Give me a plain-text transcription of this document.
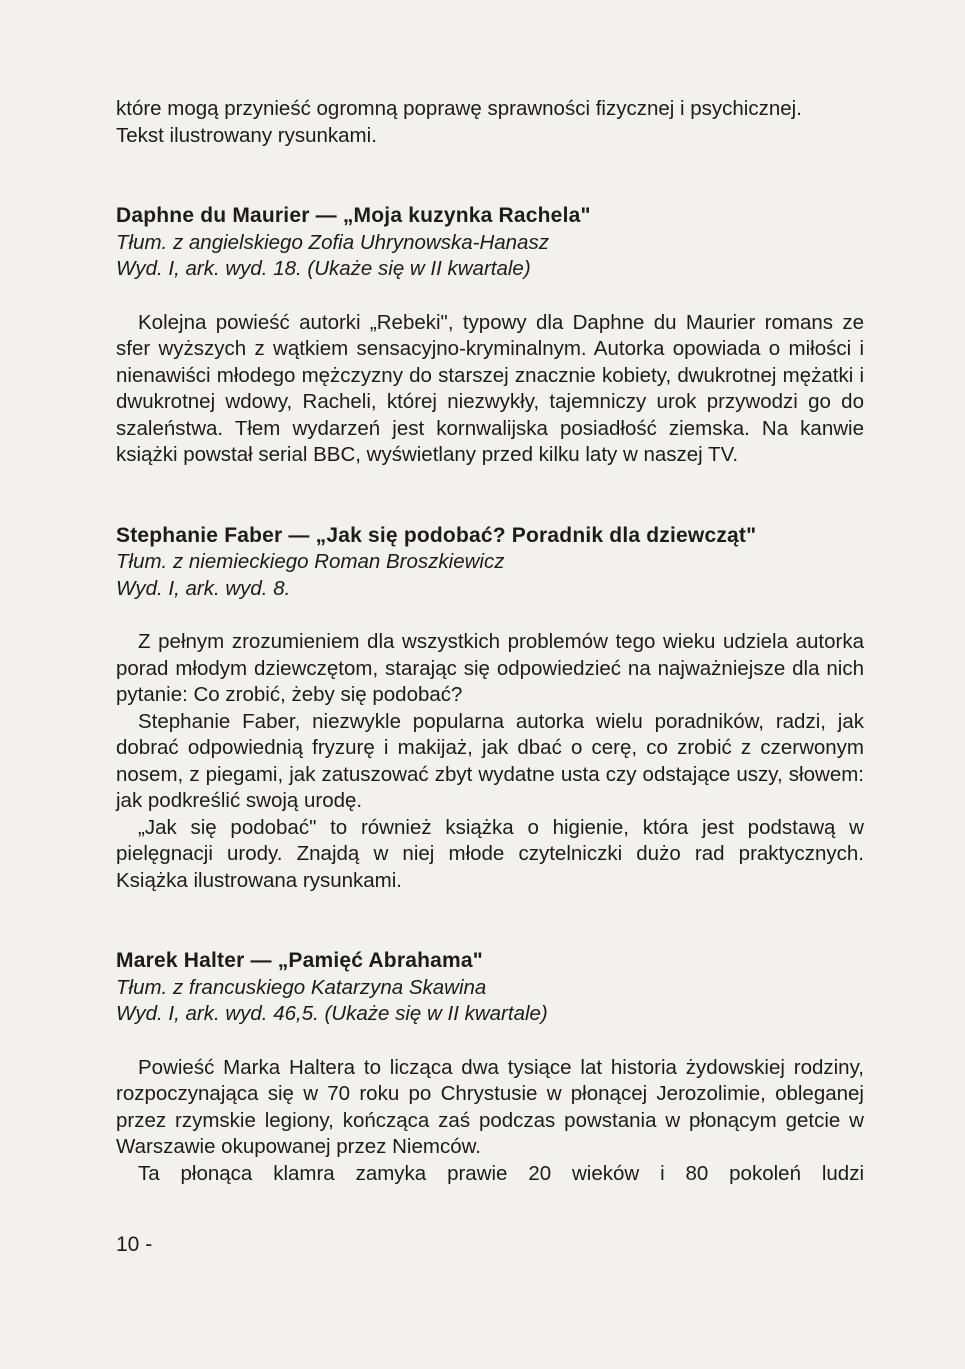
które mogą przynieść ogromną poprawę sprawności fizycznej i psychicznej.

Tekst ilustrowany rysunkami.

Daphne du Maurier — „Moja kuzynka Rachela"

Tłum. z angielskiego Zofia Uhrynowska-Hanasz

Wyd. I, ark. wyd. 18. (Ukaże się w II kwartale)

Kolejna powieść autorki „Rebeki", typowy dla Daphne du Maurier romans ze sfer wyższych z wątkiem sensacyjno-kryminalnym. Autorka opowiada o miłości i nienawiści młodego mężczyzny do starszej znacznie kobiety, dwukrotnej mężatki i dwukrotnej wdowy, Racheli, której niezwykły, tajemniczy urok przywodzi go do szaleństwa. Tłem wydarzeń jest kornwalijska posiadłość ziemska. Na kanwie książki powstał serial BBC, wyświetlany przed kilku laty w naszej TV.

Stephanie Faber — „Jak się podobać? Poradnik dla dziewcząt"

Tłum. z niemieckiego Roman Broszkiewicz

Wyd. I, ark. wyd. 8.

Z pełnym zrozumieniem dla wszystkich problemów tego wieku udziela autorka porad młodym dziewczętom, starając się odpowiedzieć na najważniejsze dla nich pytanie: Co zrobić, żeby się podobać?

Stephanie Faber, niezwykle popularna autorka wielu poradników, radzi, jak dobrać odpowiednią fryzurę i makijaż, jak dbać o cerę, co zrobić z czerwonym nosem, z piegami, jak zatuszować zbyt wydatne usta czy odstające uszy, słowem: jak podkreślić swoją urodę.

„Jak się podobać" to również książka o higienie, która jest podstawą w pielęgnacji urody. Znajdą w niej młode czytelniczki dużo rad praktycznych. Książka ilustrowana rysunkami.

Marek Halter — „Pamięć Abrahama"

Tłum. z francuskiego Katarzyna Skawina

Wyd. I, ark. wyd. 46,5. (Ukaże się w II kwartale)

Powieść Marka Haltera to licząca dwa tysiące lat historia żydowskiej rodziny, rozpoczynająca się w 70 roku po Chrystusie w płonącej Jerozolimie, obleganej przez rzymskie legiony, kończąca zaś podczas powstania w płonącym getcie w Warszawie okupowanej przez Niemców.

Ta płonąca klamra zamyka prawie 20 wieków i 80 pokoleń ludzi

10 -
